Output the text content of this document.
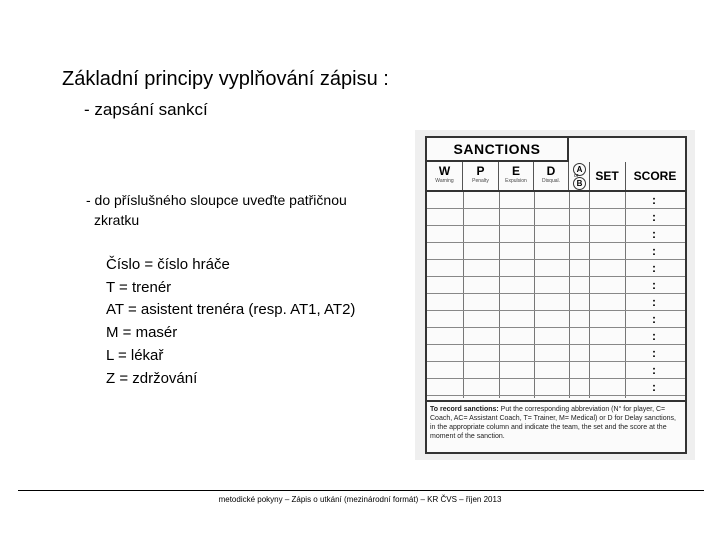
Základní principy vyplňování zápisu :
- zapsání sankcí
- do příslušného sloupce uveďte patřičnou
zkratku
Číslo = číslo hráče
T = trenér
AT = asistent trenéra (resp. AT1, AT2)
M = masér
L = lékař
Z = zdržování
SANCTIONS
W
Warning
P
Penalty
E
Expulsion
D
Disqual.
A
or
B
SET	SCORE
:
:
:
:
:
:
:
:
:
:
:
:
To record sanctions: Put the corresponding abbreviation (N° for player, C= Coach, AC= Assistant Coach, T= Trainer, M= Medical) or D for Delay sanctions, in the appropriate column and indicate the team, the set and the score at the moment of the sanction.
metodické pokyny – Zápis o utkání (mezinárodní formát) – KR ČVS – říjen 2013
